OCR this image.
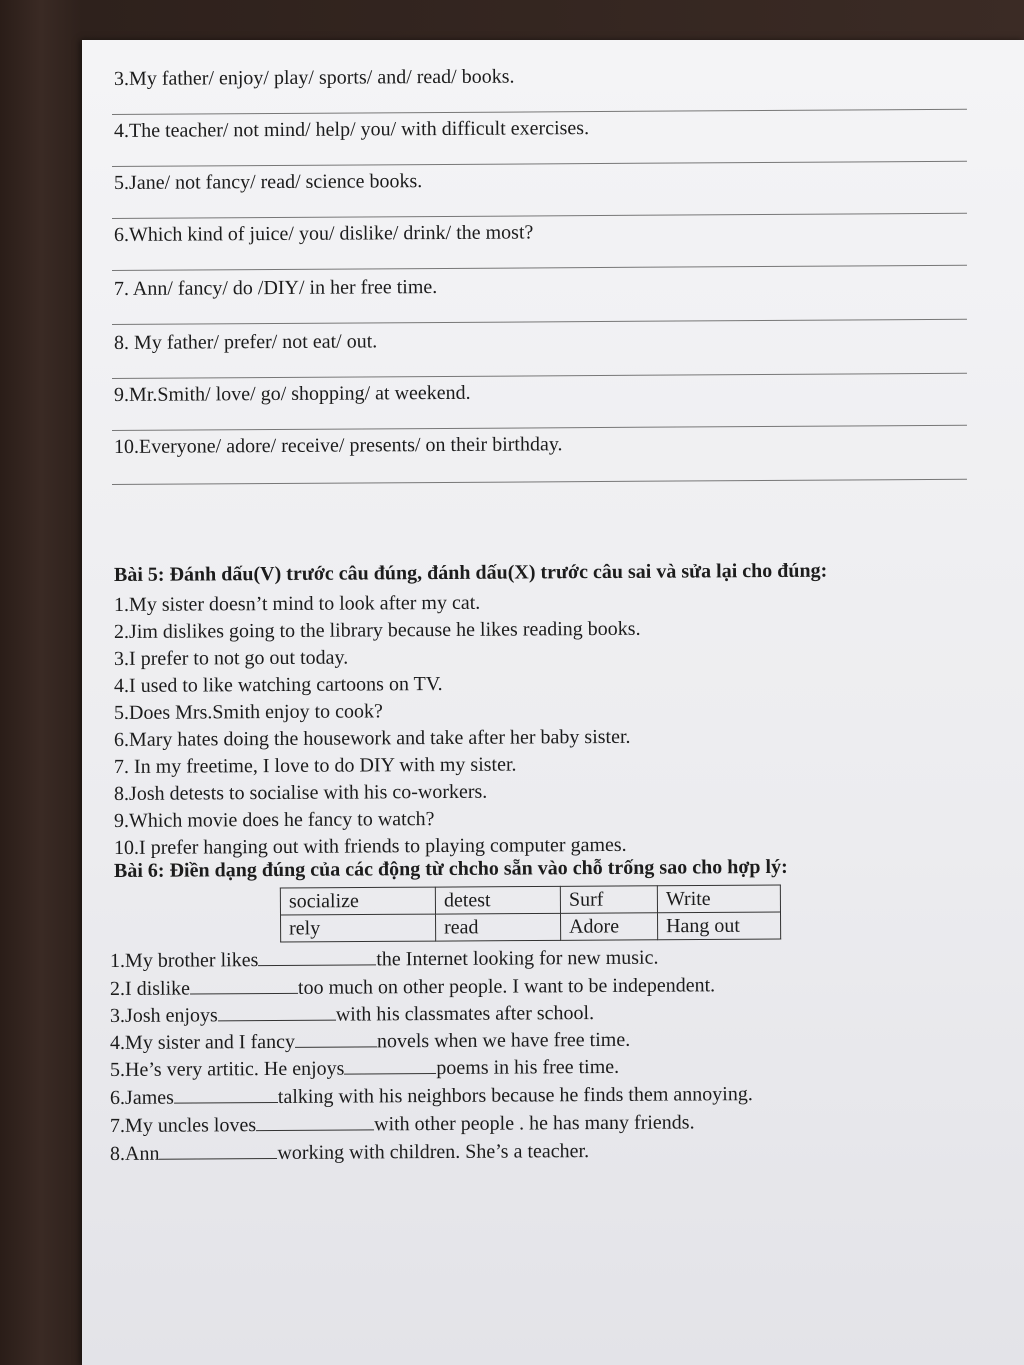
3.My father/ enjoy/ play/ sports/ and/ read/ books.
4.The teacher/ not mind/ help/ you/ with difficult exercises.
5.Jane/ not fancy/ read/ science books.
6.Which kind of juice/ you/ dislike/ drink/ the most?
7. Ann/ fancy/ do /DIY/ in her free time.
8. My father/ prefer/ not eat/ out.
9.Mr.Smith/ love/ go/ shopping/ at weekend.
10.Everyone/ adore/ receive/ presents/ on their birthday.
Bài 5: Đánh dấu(V) trước câu đúng, đánh dấu(X) trước câu sai và sửa lại cho đúng:
1.My sister doesn’t mind to look after my cat.
2.Jim dislikes going to the library because he likes reading books.
3.I prefer to not go out today.
4.I used to like watching cartoons on TV.
5.Does Mrs.Smith enjoy to cook?
6.Mary hates doing the housework and take after her baby sister.
7. In my freetime, I love to do DIY with my sister.
8.Josh detests to socialise with his co-workers.
9.Which movie does he fancy to watch?
10.I prefer hanging out with friends to playing computer games.
Bài 6: Điền dạng đúng của các động từ chcho sẵn vào chỗ trống sao cho hợp lý:
socialize	detest	Surf	Write
rely	read	Adore	Hang out
1.My brother likes	the Internet looking for new music.
2.I dislike	too much on other people. I want to be independent.
3.Josh enjoys	with his classmates after school.
4.My sister and I fancy	novels when we have free time.
5.He’s very artitic. He enjoys	poems in his free time.
6.James	talking with his neighbors because he finds them annoying.
7.My uncles loves	with other people . he has many friends.
8.Ann	working with children. She’s a teacher.
